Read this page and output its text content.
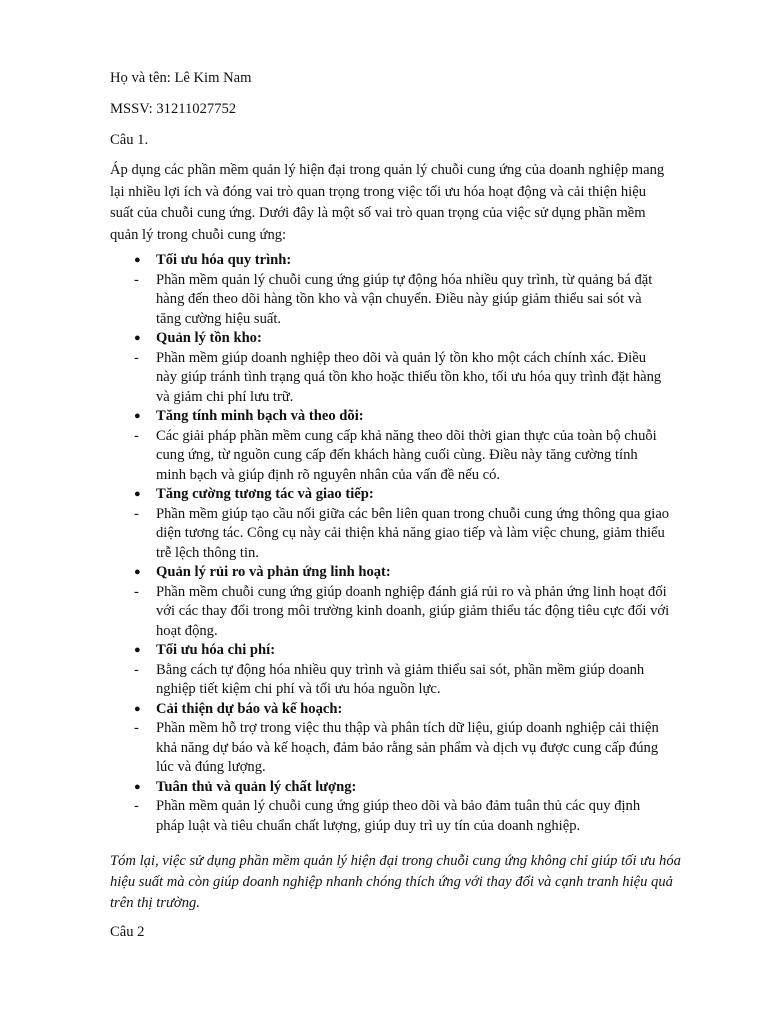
Họ và tên: Lê Kim Nam
MSSV: 31211027752
Câu 1.
Áp dụng các phần mềm quản lý hiện đại trong quản lý chuỗi cung ứng của doanh nghiệp mang lại nhiều lợi ích và đóng vai trò quan trọng trong việc tối ưu hóa hoạt động và cải thiện hiệu suất của chuỗi cung ứng. Dưới đây là một số vai trò quan trọng của việc sử dụng phần mềm quản lý trong chuỗi cung ứng:
● Tối ưu hóa quy trình:
- Phần mềm quản lý chuỗi cung ứng giúp tự động hóa nhiều quy trình, từ quảng bá đặt hàng đến theo dõi hàng tồn kho và vận chuyển. Điều này giúp giảm thiểu sai sót và tăng cường hiệu suất.
● Quản lý tồn kho:
- Phần mềm giúp doanh nghiệp theo dõi và quản lý tồn kho một cách chính xác. Điều này giúp tránh tình trạng quá tồn kho hoặc thiếu tồn kho, tối ưu hóa quy trình đặt hàng và giảm chi phí lưu trữ.
● Tăng tính minh bạch và theo dõi:
- Các giải pháp phần mềm cung cấp khả năng theo dõi thời gian thực của toàn bộ chuỗi cung ứng, từ nguồn cung cấp đến khách hàng cuối cùng. Điều này tăng cường tính minh bạch và giúp định rõ nguyên nhân của vấn đề nếu có.
● Tăng cường tương tác và giao tiếp:
- Phần mềm giúp tạo cầu nối giữa các bên liên quan trong chuỗi cung ứng thông qua giao diện tương tác. Công cụ này cải thiện khả năng giao tiếp và làm việc chung, giảm thiểu trễ lệch thông tin.
● Quản lý rủi ro và phản ứng linh hoạt:
- Phần mềm chuỗi cung ứng giúp doanh nghiệp đánh giá rủi ro và phản ứng linh hoạt đối với các thay đổi trong môi trường kinh doanh, giúp giảm thiểu tác động tiêu cực đối với hoạt động.
● Tối ưu hóa chi phí:
- Bằng cách tự động hóa nhiều quy trình và giảm thiểu sai sót, phần mềm giúp doanh nghiệp tiết kiệm chi phí và tối ưu hóa nguồn lực.
● Cải thiện dự báo và kế hoạch:
- Phần mềm hỗ trợ trong việc thu thập và phân tích dữ liệu, giúp doanh nghiệp cải thiện khả năng dự báo và kế hoạch, đảm bảo rằng sản phẩm và dịch vụ được cung cấp đúng lúc và đúng lượng.
● Tuân thủ và quản lý chất lượng:
- Phần mềm quản lý chuỗi cung ứng giúp theo dõi và bảo đảm tuân thủ các quy định pháp luật và tiêu chuẩn chất lượng, giúp duy trì uy tín của doanh nghiệp.
Tóm lại, việc sử dụng phần mềm quản lý hiện đại trong chuỗi cung ứng không chỉ giúp tối ưu hóa hiệu suất mà còn giúp doanh nghiệp nhanh chóng thích ứng với thay đổi và cạnh tranh hiệu quả trên thị trường.
Câu 2
